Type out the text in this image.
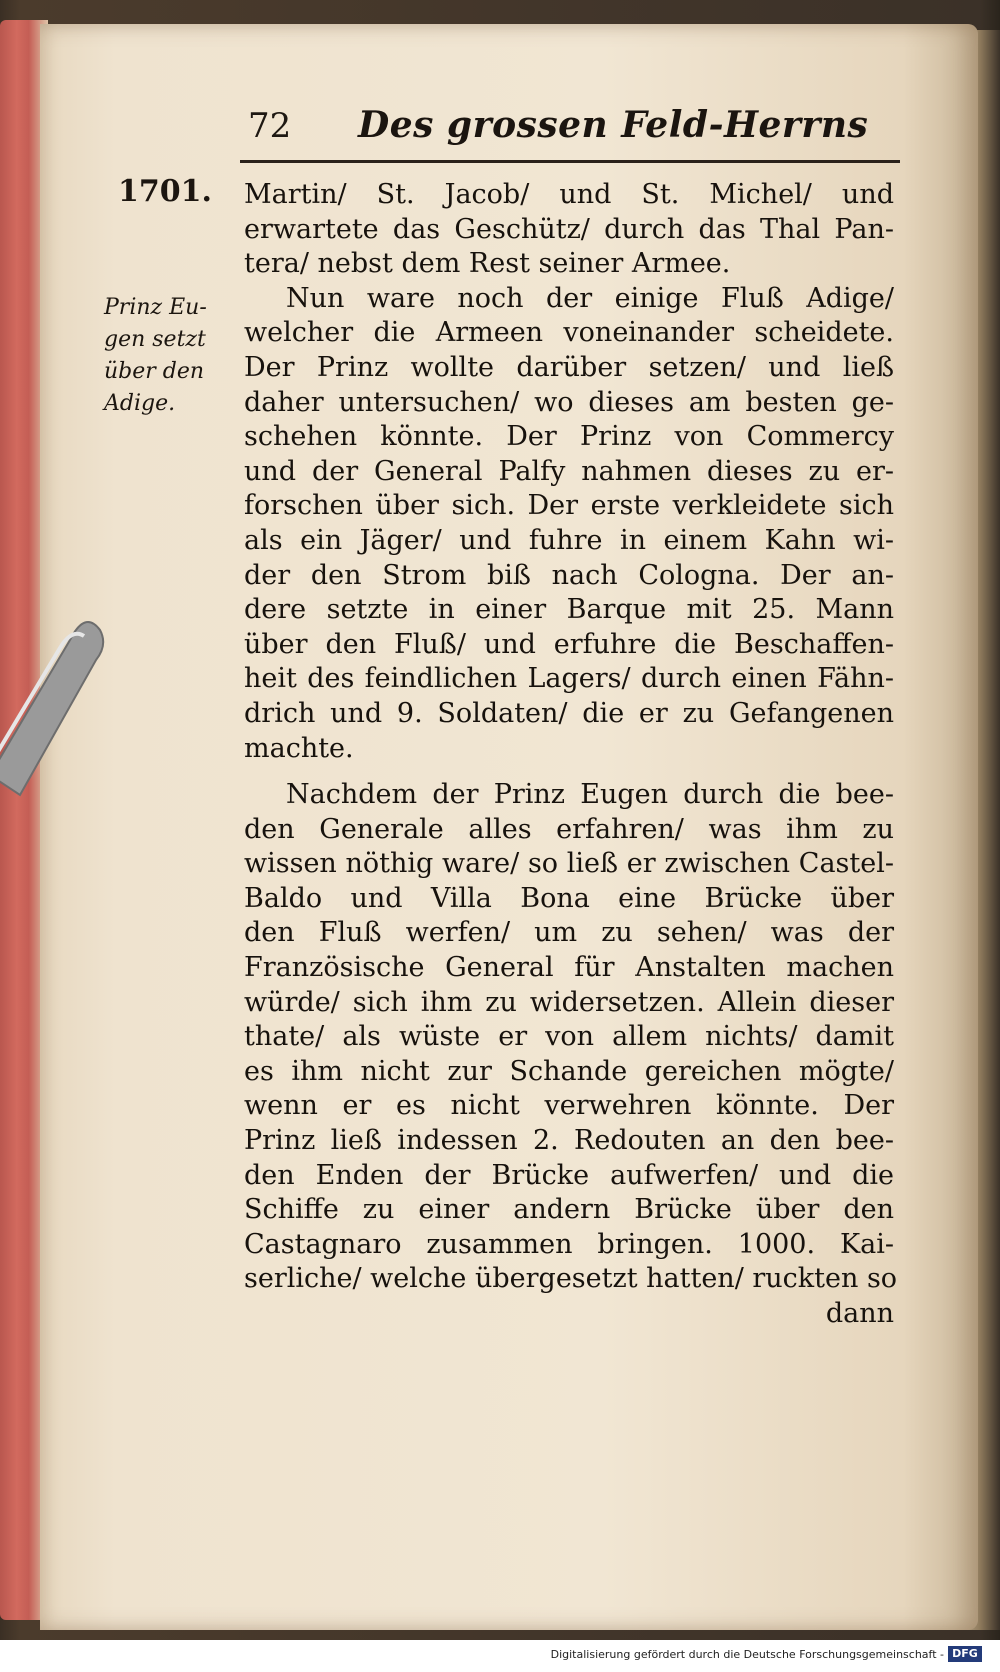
72 Des grossen Feld-Herrns
1701.
Prinz Eu-
gen setzt
über den
Adige.
Martin/ St. Jacob/ und St. Michel/ und
erwartete das Geschütz/ durch das Thal Pan-
tera/ nebst dem Rest seiner Armee.
Nun ware noch der einige Fluß Adige/
welcher die Armeen voneinander scheidete.
Der Prinz wollte darüber setzen/ und ließ
daher untersuchen/ wo dieses am besten ge-
schehen könnte. Der Prinz von Commercy
und der General Palfy nahmen dieses zu er-
forschen über sich. Der erste verkleidete sich
als ein Jäger/ und fuhre in einem Kahn wi-
der den Strom biß nach Cologna. Der an-
dere setzte in einer Barque mit 25. Mann
über den Fluß/ und erfuhre die Beschaffen-
heit des feindlichen Lagers/ durch einen Fähn-
drich und 9. Soldaten/ die er zu Gefangenen
machte.
Nachdem der Prinz Eugen durch die bee-
den Generale alles erfahren/ was ihm zu
wissen nöthig ware/ so ließ er zwischen Castel-
Baldo und Villa Bona eine Brücke über
den Fluß werfen/ um zu sehen/ was der
Französische General für Anstalten machen
würde/ sich ihm zu widersetzen. Allein dieser
thate/ als wüste er von allem nichts/ damit
es ihm nicht zur Schande gereichen mögte/
wenn er es nicht verwehren könnte. Der
Prinz ließ indessen 2. Redouten an den bee-
den Enden der Brücke aufwerfen/ und die
Schiffe zu einer andern Brücke über den
Castagnaro zusammen bringen. 1000. Kai-
serliche/ welche übergesetzt hatten/ ruckten so
dann
Digitalisierung gefördert durch die Deutsche Forschungsgemeinschaft - DFG
